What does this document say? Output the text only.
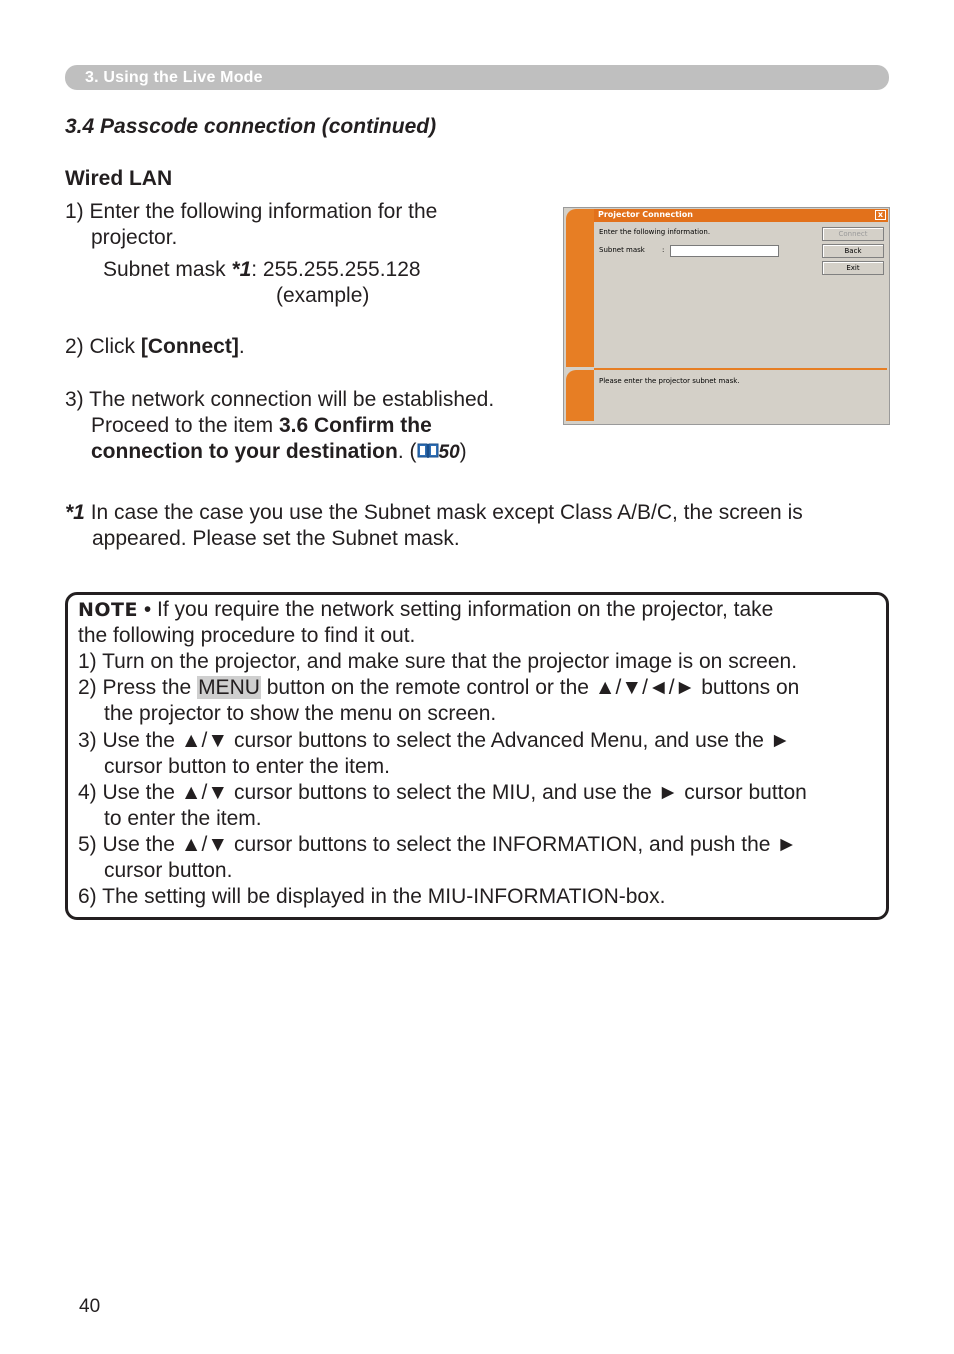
3. Using the Live Mode
3.4 Passcode connection (continued)
Wired LAN
1) Enter the following information for the
projector.
Subnet mask *1: 255.255.255.128
(example)
2) Click [Connect].
3) The network connection will be established.
Proceed to the item 3.6 Confirm the
connection to your destination. ( 50)
Projector Connection	x
Enter the following information.
Subnet mask :
Connect
Back
Exit
Please enter the projector subnet mask.
*1 In case the case you use the Subnet mask except Class A/B/C, the screen is
appeared. Please set the Subnet mask.
NOTE • If you require the network setting information on the projector, take
the following procedure to find it out.
1) Turn on the projector, and make sure that the projector image is on screen.
2) Press the MENU button on the remote control or the ▲/▼/◄/► buttons on
the projector to show the menu on screen.
3) Use the ▲/▼ cursor buttons to select the Advanced Menu, and use the ►
cursor button to enter the item.
4) Use the ▲/▼ cursor buttons to select the MIU, and use the ► cursor button
to enter the item.
5) Use the ▲/▼ cursor buttons to select the INFORMATION, and push the ►
cursor button.
6) The setting will be displayed in the MIU-INFORMATION-box.
40
